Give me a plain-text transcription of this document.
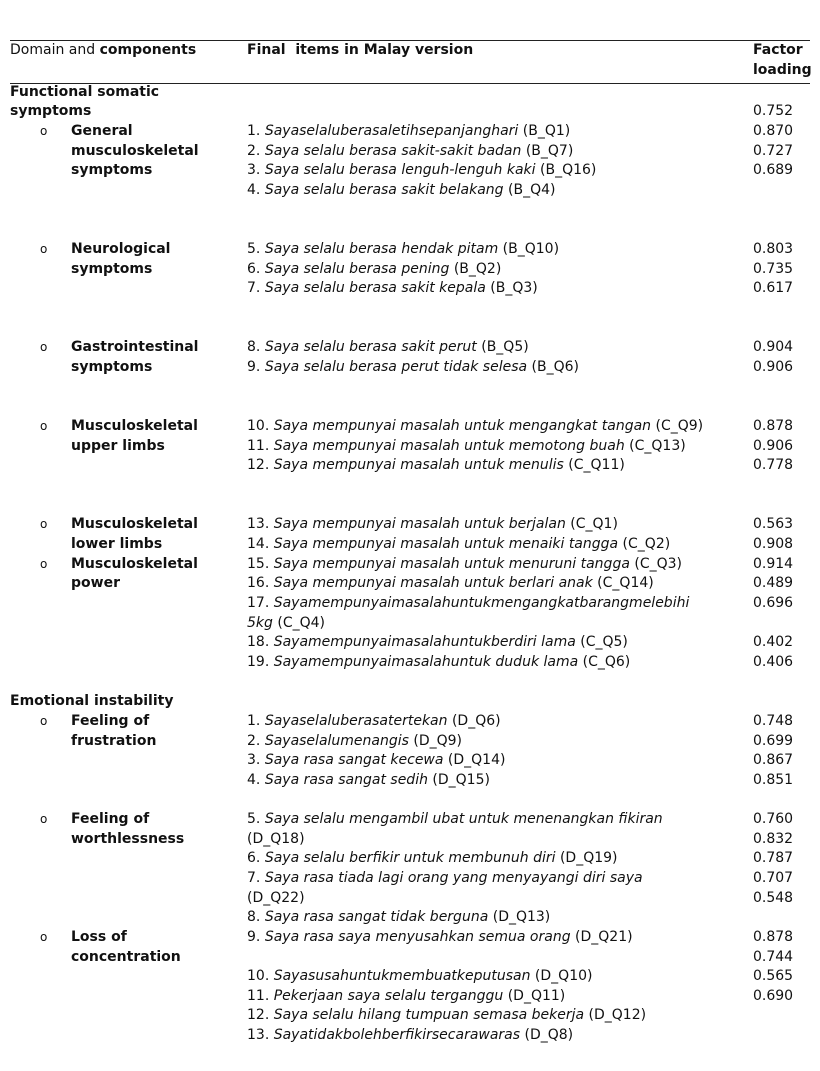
Domain and components	Final  items in Malay version	Factor
loading
Functional somatic
symptoms
Emotional instability
o
o
o
o
o
o
o
o
o
General
musculoskeletal
symptoms
Neurological
symptoms
Gastrointestinal
symptoms
Musculoskeletal
upper limbs
Musculoskeletal
lower limbs
Musculoskeletal
power
Feeling of
frustration
Feeling of
worthlessness
Loss of
concentration
1. Sayaselaluberasaletihsepanjanghari (B_Q1)
2. Saya selalu berasa sakit-sakit badan (B_Q7)
3. Saya selalu berasa lenguh-lenguh kaki (B_Q16)
4. Saya selalu berasa sakit belakang (B_Q4)
5. Saya selalu berasa hendak pitam (B_Q10)
6. Saya selalu berasa pening (B_Q2)
7. Saya selalu berasa sakit kepala (B_Q3)
8. Saya selalu berasa sakit perut (B_Q5)
9. Saya selalu berasa perut tidak selesa (B_Q6)
10. Saya mempunyai masalah untuk mengangkat tangan (C_Q9)
11. Saya mempunyai masalah untuk memotong buah (C_Q13)
12. Saya mempunyai masalah untuk menulis (C_Q11)
13. Saya mempunyai masalah untuk berjalan (C_Q1)
14. Saya mempunyai masalah untuk menaiki tangga (C_Q2)
15. Saya mempunyai masalah untuk menuruni tangga (C_Q3)
16. Saya mempunyai masalah untuk berlari anak (C_Q14)
17. Sayamempunyaimasalahuntukmengangkatbarangmelebihi
5kg (C_Q4)
18. Sayamempunyaimasalahuntukberdiri lama (C_Q5)
19. Sayamempunyaimasalahuntuk duduk lama (C_Q6)
1. Sayaselaluberasatertekan (D_Q6)
2. Sayaselalumenangis (D_Q9)
3. Saya rasa sangat kecewa (D_Q14)
4. Saya rasa sangat sedih (D_Q15)
5. Saya selalu mengambil ubat untuk menenangkan fikiran
(D_Q18)
6. Saya selalu berfikir untuk membunuh diri (D_Q19)
7. Saya rasa tiada lagi orang yang menyayangi diri saya
(D_Q22)
8. Saya rasa sangat tidak berguna (D_Q13)
9. Saya rasa saya menyusahkan semua orang (D_Q21)
10. Sayasusahuntukmembuatkeputusan (D_Q10)
11. Pekerjaan saya selalu terganggu (D_Q11)
12. Saya selalu hilang tumpuan semasa bekerja (D_Q12)
13. Sayatidakbolehberfikirsecarawaras (D_Q8)
0.752
0.870
0.727
0.689
0.803
0.735
0.617
0.904
0.906
0.878
0.906
0.778
0.563
0.908
0.914
0.489
0.696
0.402
0.406
0.748
0.699
0.867
0.851
0.760
0.832
0.787
0.707
0.548
0.878
0.744
0.565
0.690
